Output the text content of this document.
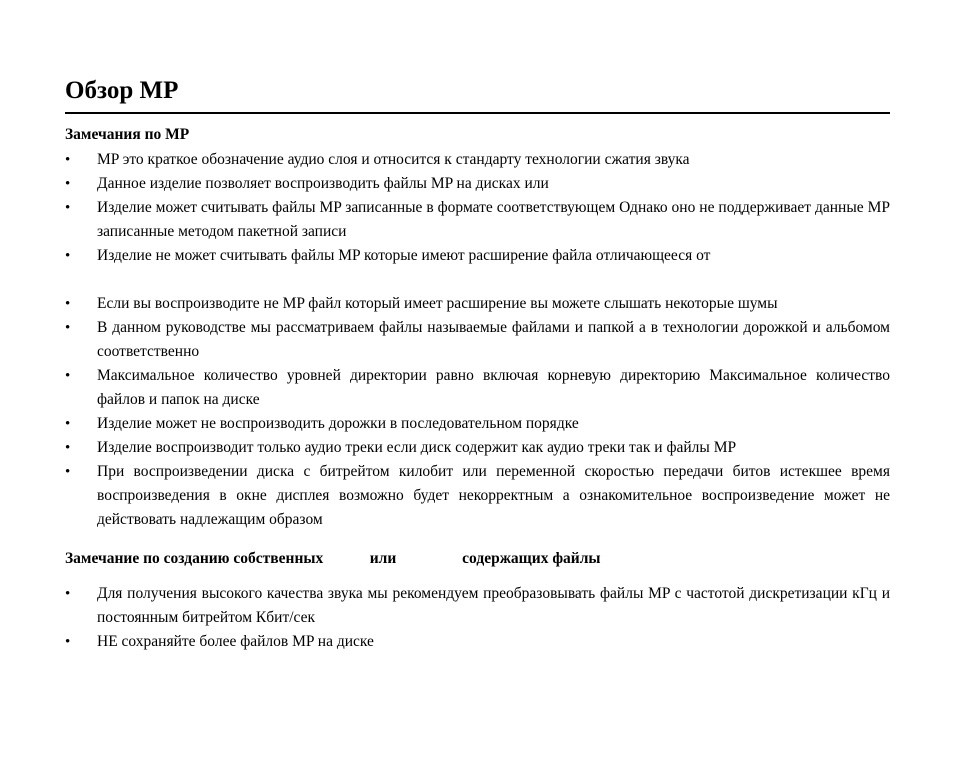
Обзор MP
Замечания по MP
• MP это краткое обозначение аудио слоя и относится к стандарту технологии сжатия звука
• Данное изделие позволяет воспроизводить файлы MP на дисках или
• Изделие может считывать файлы MP записанные в формате соответствующем Однако оно не поддерживает данные MP записанные методом пакетной записи
• Изделие не может считывать файлы MP которые имеют расширение файла отличающееся от
• Если вы воспроизводите не MP файл который имеет расширение вы можете слышать некоторые шумы
• В данном руководстве мы рассматриваем файлы называемые файлами и папкой а в технологии дорожкой и альбомом соответственно
• Максимальное количество уровней директории равно включая корневую директорию Максимальное количество файлов и папок на диске
• Изделие может не воспроизводить дорожки в последовательном порядке
• Изделие воспроизводит только аудио треки если диск содержит как аудио треки так и файлы MP
• При воспроизведении диска с битрейтом килобит или переменной скоростью передачи битов истекшее время воспроизведения в окне дисплея возможно будет некорректным а ознакомительное воспроизведение может не действовать надлежащим образом
Замечание по созданию собственных            или                 содержащих файлы
• Для получения высокого качества звука мы рекомендуем преобразовывать файлы MP с частотой дискретизации кГц и постоянным битрейтом Кбит/сек
• НЕ сохраняйте более файлов MP на диске
